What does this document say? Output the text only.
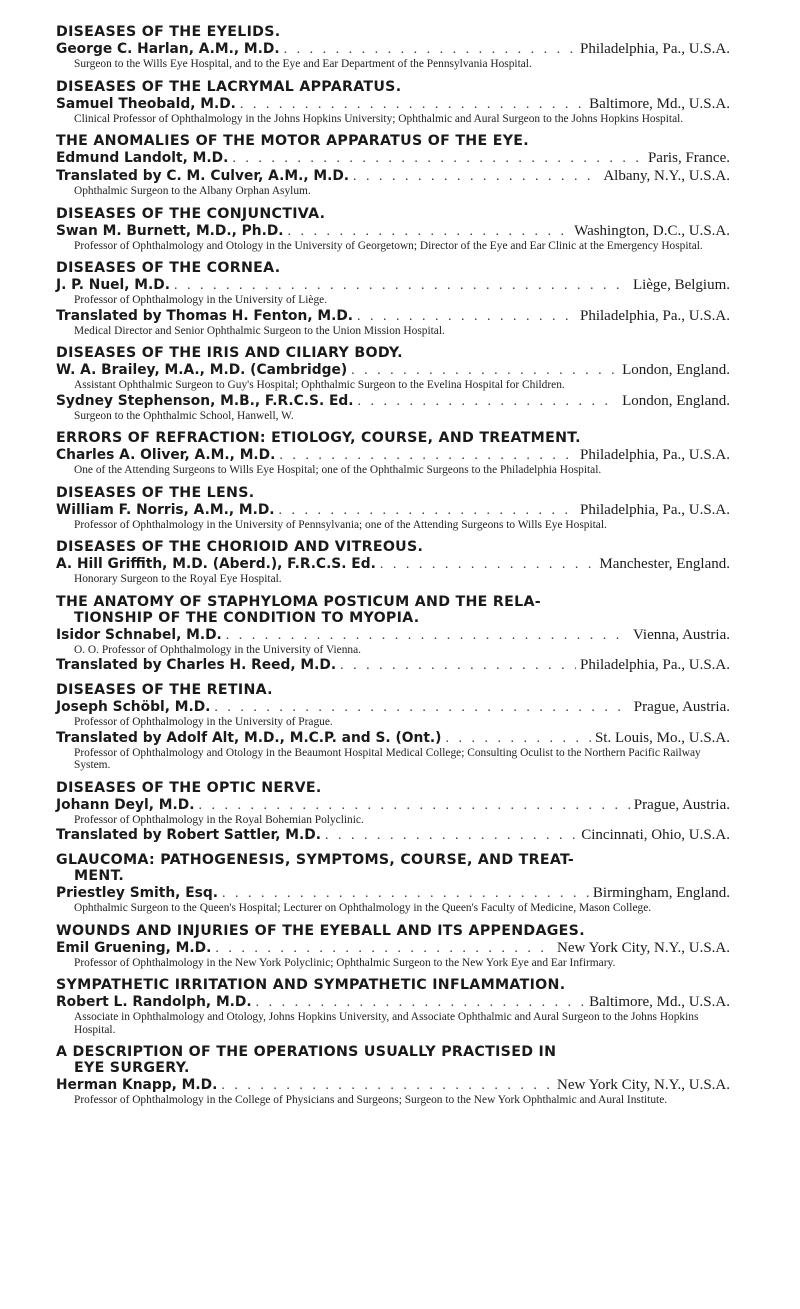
DISEASES OF THE EYELIDS.
George C. Harlan, A.M., M.D. . . .	Philadelphia, Pa., U.S.A.
Surgeon to the Wills Eye Hospital, and to the Eye and Ear Department of the Pennsylvania Hospital.
DISEASES OF THE LACRYMAL APPARATUS.
Samuel Theobald, M.D. . . .	Baltimore, Md., U.S.A.
Clinical Professor of Ophthalmology in the Johns Hopkins University; Ophthalmic and Aural Surgeon to the Johns Hopkins Hospital.
THE ANOMALIES OF THE MOTOR APPARATUS OF THE EYE.
Edmund Landolt, M.D. . . .	Paris, France.
Translated by C. M. Culver, A.M., M.D. . . .	Albany, N.Y., U.S.A.
Ophthalmic Surgeon to the Albany Orphan Asylum.
DISEASES OF THE CONJUNCTIVA.
Swan M. Burnett, M.D., Ph.D. . . .	Washington, D.C., U.S.A.
Professor of Ophthalmology and Otology in the University of Georgetown; Director of the Eye and Ear Clinic at the Emergency Hospital.
DISEASES OF THE CORNEA.
J. P. Nuel, M.D. . . .	Liège, Belgium.
Professor of Ophthalmology in the University of Liège.
Translated by Thomas H. Fenton, M.D. . . .	Philadelphia, Pa., U.S.A.
Medical Director and Senior Ophthalmic Surgeon to the Union Mission Hospital.
DISEASES OF THE IRIS AND CILIARY BODY.
W. A. Brailey, M.A., M.D. (Cambridge) . . .	London, England.
Assistant Ophthalmic Surgeon to Guy's Hospital; Ophthalmic Surgeon to the Evelina Hospital for Children.
Sydney Stephenson, M.B., F.R.C.S. Ed. . . .	London, England.
Surgeon to the Ophthalmic School, Hanwell, W.
ERRORS OF REFRACTION: ETIOLOGY, COURSE, AND TREATMENT.
Charles A. Oliver, A.M., M.D. . . .	Philadelphia, Pa., U.S.A.
One of the Attending Surgeons to Wills Eye Hospital; one of the Ophthalmic Surgeons to the Philadelphia Hospital.
DISEASES OF THE LENS.
William F. Norris, A.M., M.D. . . .	Philadelphia, Pa., U.S.A.
Professor of Ophthalmology in the University of Pennsylvania; one of the Attending Surgeons to Wills Eye Hospital.
DISEASES OF THE CHORIOID AND VITREOUS.
A. Hill Griffith, M.D. (Aberd.), F.R.C.S. Ed. . . .	Manchester, England.
Honorary Surgeon to the Royal Eye Hospital.
THE ANATOMY OF STAPHYLOMA POSTICUM AND THE RELA-
TIONSHIP OF THE CONDITION TO MYOPIA.
Isidor Schnabel, M.D. . . .	Vienna, Austria.
O. O. Professor of Ophthalmology in the University of Vienna.
Translated by Charles H. Reed, M.D. . . .	Philadelphia, Pa., U.S.A.
DISEASES OF THE RETINA.
Joseph Schöbl, M.D. . . .	Prague, Austria.
Professor of Ophthalmology in the University of Prague.
Translated by Adolf Alt, M.D., M.C.P. and S. (Ont.) . . .	St. Louis, Mo., U.S.A.
Professor of Ophthalmology and Otology in the Beaumont Hospital Medical College; Consulting Oculist to the Northern Pacific Railway System.
DISEASES OF THE OPTIC NERVE.
Johann Deyl, M.D. . . .	Prague, Austria.
Professor of Ophthalmology in the Royal Bohemian Polyclinic.
Translated by Robert Sattler, M.D. . . .	Cincinnati, Ohio, U.S.A.
GLAUCOMA: PATHOGENESIS, SYMPTOMS, COURSE, AND TREAT-
MENT.
Priestley Smith, Esq. . . .	Birmingham, England.
Ophthalmic Surgeon to the Queen's Hospital; Lecturer on Ophthalmology in the Queen's Faculty of Medicine, Mason College.
WOUNDS AND INJURIES OF THE EYEBALL AND ITS APPENDAGES.
Emil Gruening, M.D. . . .	New York City, N.Y., U.S.A.
Professor of Ophthalmology in the New York Polyclinic; Ophthalmic Surgeon to the New York Eye and Ear Infirmary.
SYMPATHETIC IRRITATION AND SYMPATHETIC INFLAMMATION.
Robert L. Randolph, M.D. . . .	Baltimore, Md., U.S.A.
Associate in Ophthalmology and Otology, Johns Hopkins University, and Associate Ophthalmic and Aural Surgeon to the Johns Hopkins Hospital.
A DESCRIPTION OF THE OPERATIONS USUALLY PRACTISED IN
EYE SURGERY.
Herman Knapp, M.D. . . .	New York City, N.Y., U.S.A.
Professor of Ophthalmology in the College of Physicians and Surgeons; Surgeon to the New York Ophthalmic and Aural Institute.
